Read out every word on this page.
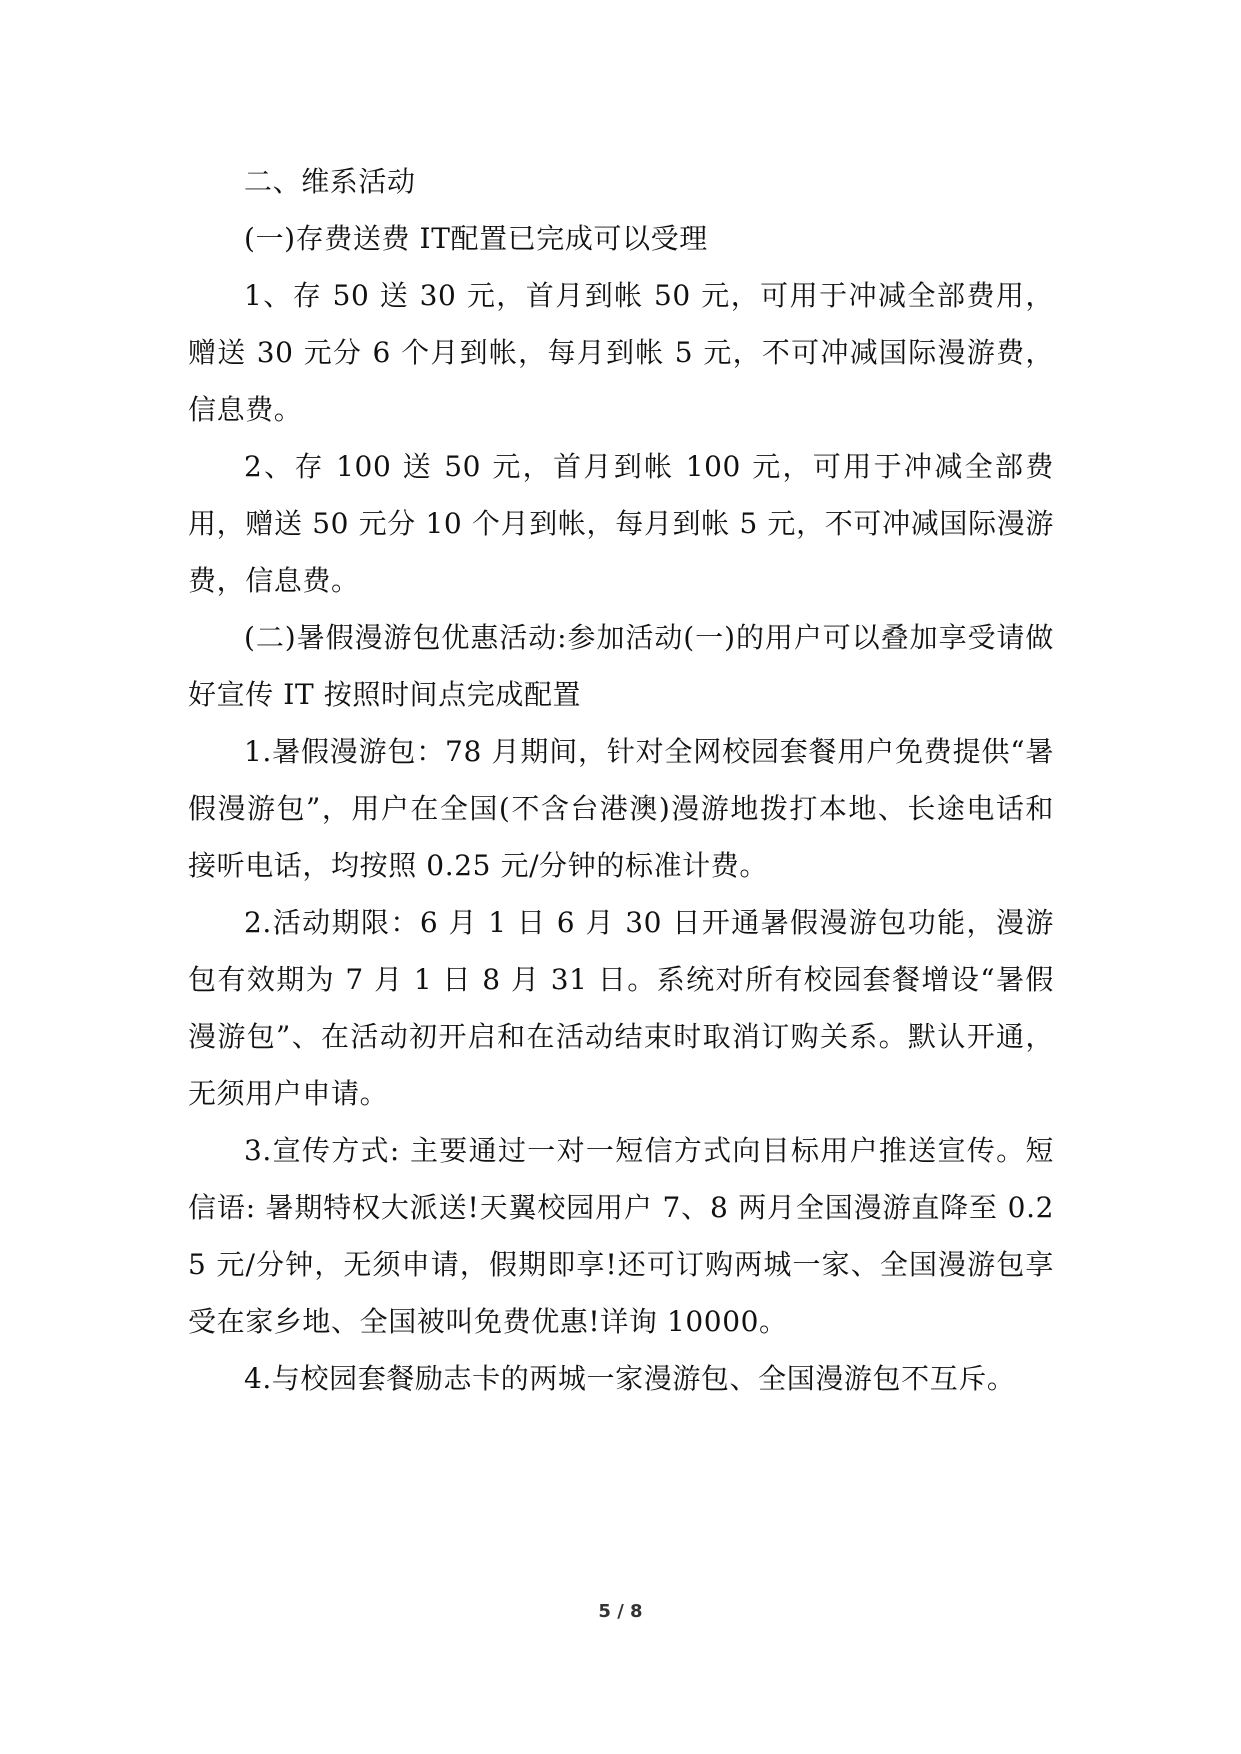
二、维系活动

(一)存费送费 IT配置已完成可以受理

1、存 50 送 30 元，首月到帐 50 元，可用于冲减全部费用，赠送 30 元分 6 个月到帐，每月到帐 5 元，不可冲减国际漫游费，信息费。

2、存 100 送 50 元，首月到帐 100 元，可用于冲减全部费用，赠送 50 元分 10 个月到帐，每月到帐 5 元，不可冲减国际漫游费，信息费。

(二)暑假漫游包优惠活动:参加活动(一)的用户可以叠加享受请做好宣传 IT 按照时间点完成配置

1.暑假漫游包：78 月期间，针对全网校园套餐用户免费提供“暑假漫游包”，用户在全国(不含台港澳)漫游地拨打本地、长途电话和接听电话，均按照 0.25 元/分钟的标准计费。

2.活动期限：6 月 1 日 6 月 30 日开通暑假漫游包功能，漫游包有效期为 7 月 1 日 8 月 31 日。系统对所有校园套餐增设“暑假漫游包”、在活动初开启和在活动结束时取消订购关系。默认开通，无须用户申请。

3.宣传方式: 主要通过一对一短信方式向目标用户推送宣传。短信语: 暑期特权大派送!天翼校园用户 7、8 两月全国漫游直降至 0.25 元/分钟，无须申请，假期即享!还可订购两城一家、全国漫游包享受在家乡地、全国被叫免费优惠!详询 10000。

4.与校园套餐励志卡的两城一家漫游包、全国漫游包不互斥。

5 / 8
